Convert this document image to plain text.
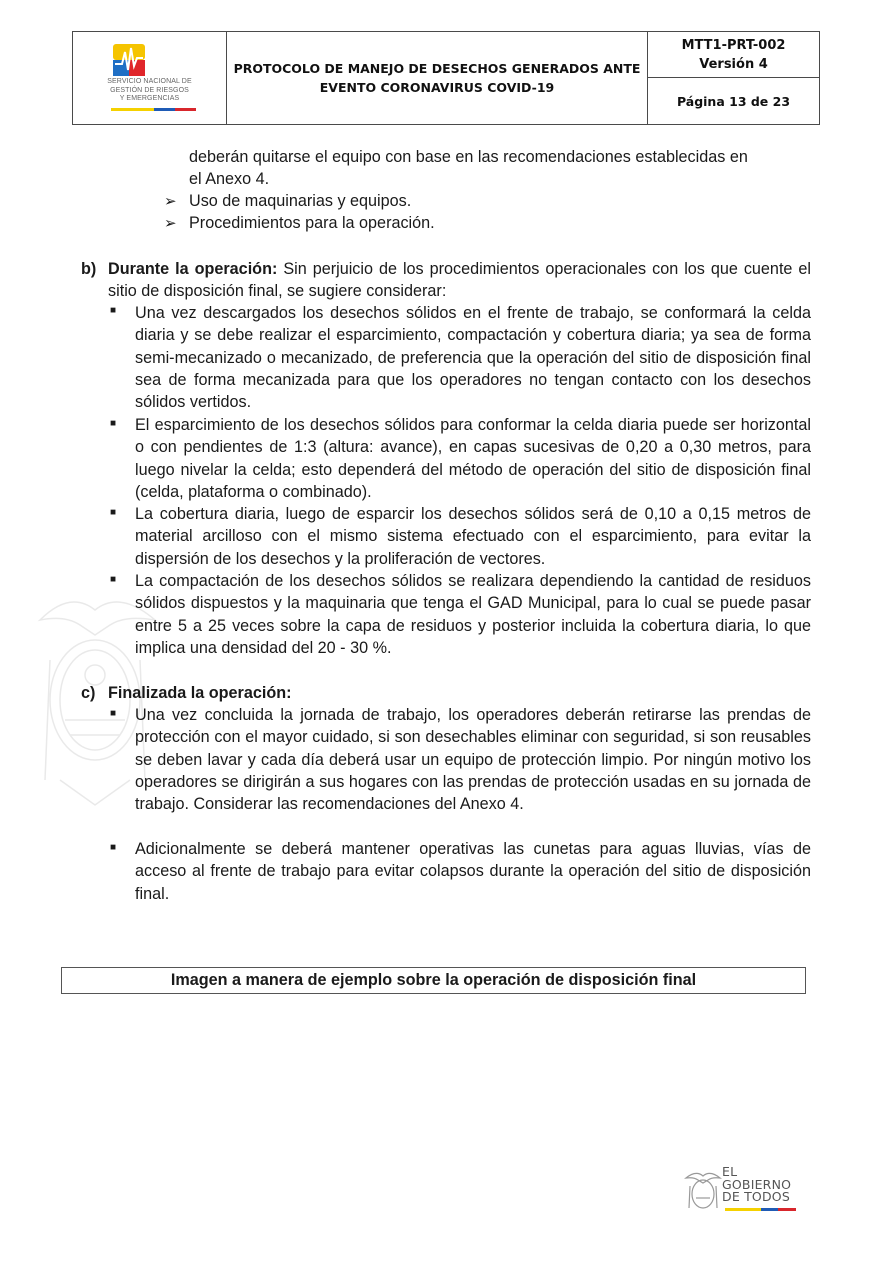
SERVICIO NACIONAL DE
GESTIÓN DE RIESGOS
Y EMERGENCIAS
PROTOCOLO DE MANEJO DE DESECHOS GENERADOS ANTE
EVENTO CORONAVIRUS COVID-19
MTT1-PRT-002
Versión 4
Página 13 de 23
deberán quitarse el equipo con base en las recomendaciones establecidas en
el Anexo 4.
➢ Uso de maquinarias y equipos.
➢ Procedimientos para la operación.
b) Durante la operación: Sin perjuicio de los procedimientos operacionales con los que cuente el sitio de disposición final, se sugiere considerar:
■ Una vez descargados los desechos sólidos en el frente de trabajo, se conformará la celda diaria y se debe realizar el esparcimiento, compactación y cobertura diaria; ya sea de forma semi-mecanizado o mecanizado, de preferencia que la operación del sitio de disposición final sea de forma mecanizada para que los operadores no tengan contacto con los desechos sólidos vertidos.
■ El esparcimiento de los desechos sólidos para conformar la celda diaria puede ser horizontal o con pendientes de 1:3 (altura: avance), en capas sucesivas de 0,20 a 0,30 metros, para luego nivelar la celda; esto dependerá del método de operación del sitio de disposición final (celda, plataforma o combinado).
■ La cobertura diaria, luego de esparcir los desechos sólidos será de 0,10 a 0,15 metros de material arcilloso con el mismo sistema efectuado con el esparcimiento, para evitar la dispersión de los desechos y la proliferación de vectores.
■ La compactación de los desechos sólidos se realizara dependiendo la cantidad de residuos sólidos dispuestos y la maquinaria que tenga el GAD Municipal, para lo cual se puede pasar entre 5 a 25 veces sobre la capa de residuos y posterior incluida la cobertura diaria, lo que implica una densidad del 20 - 30 %.
c) Finalizada la operación:
■ Una vez concluida la jornada de trabajo, los operadores deberán retirarse las prendas de protección con el mayor cuidado, si son desechables eliminar con seguridad, si son reusables se deben lavar y cada día deberá usar un equipo de protección limpio. Por ningún motivo los operadores se dirigirán a sus hogares con las prendas de protección usadas en su jornada de trabajo. Considerar las recomendaciones del Anexo 4.
■ Adicionalmente se deberá mantener operativas las cunetas para aguas lluvias, vías de acceso al frente de trabajo para evitar colapsos durante la operación del sitio de disposición final.
Imagen a manera de ejemplo sobre la operación de disposición final
EL
GOBIERNO
DE TODOS
